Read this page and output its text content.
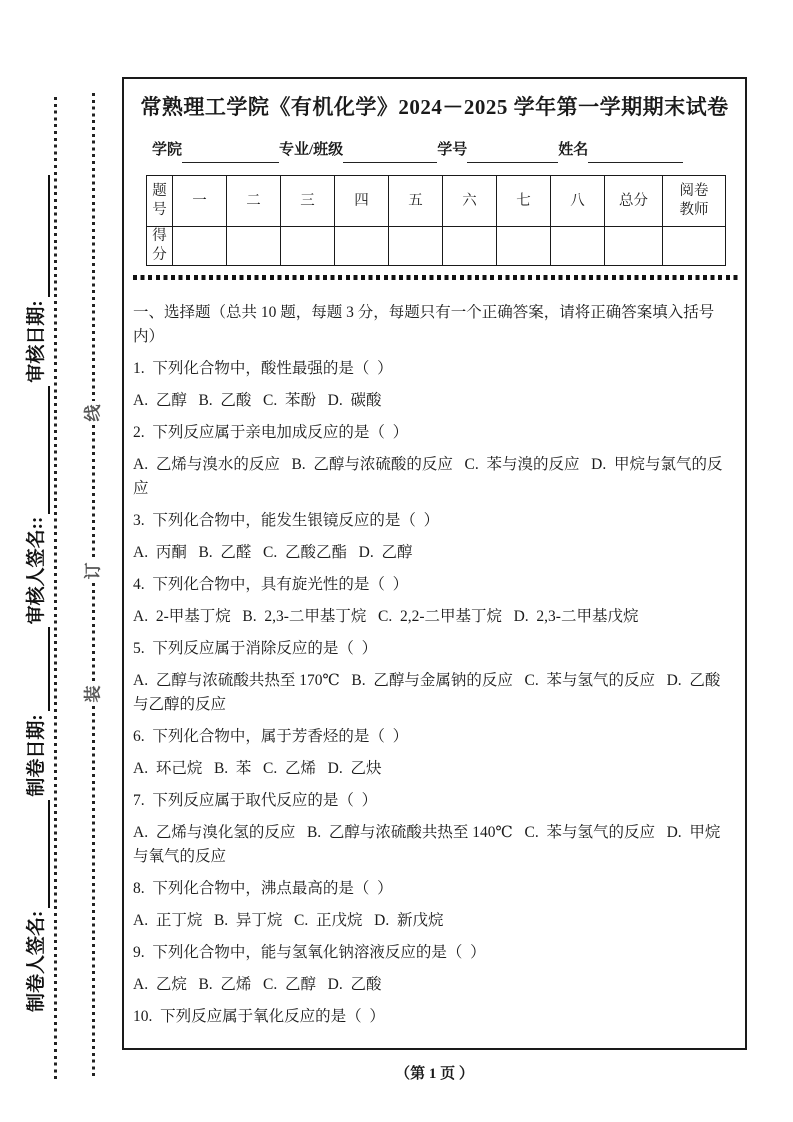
制卷人签名:
制卷日期:
审核人签名::
审核日期:
线
订
装
常熟理工学院《有机化学》2024－2025 学年第一学期期末试卷
学院	专业/班级	学号	姓名
题号	一	二	三	四	五	六	七	八	总分	阅卷教师

得分										

一、选择题（总共 10 题，每题 3 分，每题只有一个正确答案，请将正确答案填入括号内）

1.  下列化合物中，酸性最强的是（  ）

A.  乙醇   B.  乙酸   C.  苯酚   D.  碳酸

2.  下列反应属于亲电加成反应的是（  ）

A.  乙烯与溴水的反应   B.  乙醇与浓硫酸的反应   C.  苯与溴的反应   D.  甲烷与氯气的反应

3.  下列化合物中，能发生银镜反应的是（  ）

A.  丙酮   B.  乙醛   C.  乙酸乙酯   D.  乙醇

4.  下列化合物中，具有旋光性的是（  ）

A.  2-甲基丁烷   B.  2,3-二甲基丁烷   C.  2,2-二甲基丁烷   D.  2,3-二甲基戊烷

5.  下列反应属于消除反应的是（  ）

A.  乙醇与浓硫酸共热至 170℃   B.  乙醇与金属钠的反应   C.  苯与氢气的反应   D.  乙酸与乙醇的反应

6.  下列化合物中，属于芳香烃的是（  ）

A.  环己烷   B.  苯   C.  乙烯   D.  乙炔

7.  下列反应属于取代反应的是（  ）

A.  乙烯与溴化氢的反应   B.  乙醇与浓硫酸共热至 140℃   C.  苯与氢气的反应   D.  甲烷与氧气的反应

8.  下列化合物中，沸点最高的是（  ）

A.  正丁烷   B.  异丁烷   C.  正戊烷   D.  新戊烷

9.  下列化合物中，能与氢氧化钠溶液反应的是（  ）

A.  乙烷   B.  乙烯   C.  乙醇   D.  乙酸

10.  下列反应属于氧化反应的是（  ）

（第 1 页 ）
